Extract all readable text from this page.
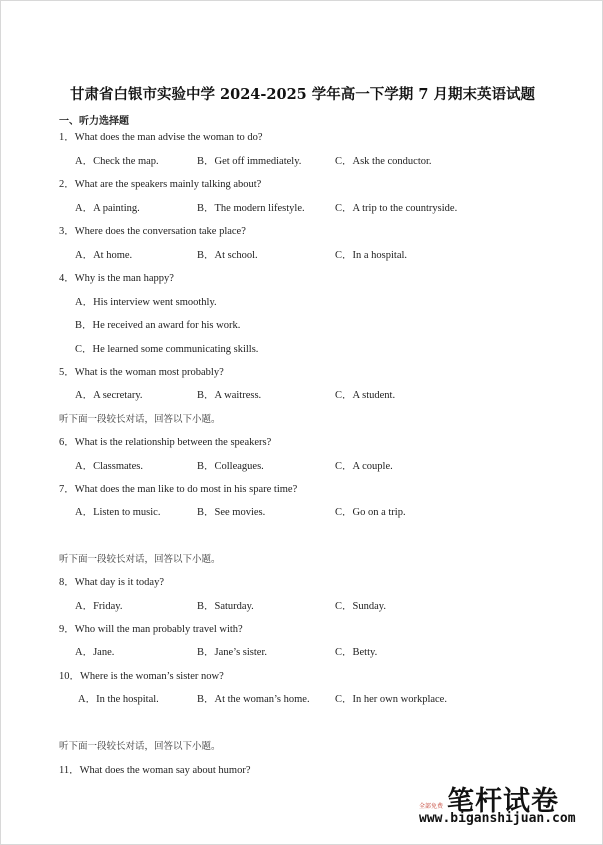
甘肃省白银市实验中学 2024-2025 学年高一下学期 7 月期末英语试题
一、听力选择题
1．What does the man advise the woman to do?
A．Check the map.	B．Get off immediately.	C．Ask the conductor.
2．What are the speakers mainly talking about?
A．A painting.	B．The modern lifestyle.	C．A trip to the countryside.
3．Where does the conversation take place?
A．At home.	B．At school.	C．In a hospital.
4．Why is the man happy?
A．His interview went smoothly.
B．He received an award for his work.
C．He learned some communicating skills.
5．What is the woman most probably?
A．A secretary.	B．A waitress.	C．A student.
听下面一段较长对话，回答以下小题。
6．What is the relationship between the speakers?
A．Classmates.	B．Colleagues.	C．A couple.
7．What does the man like to do most in his spare time?
A．Listen to music.	B．See movies.	C．Go on a trip.
听下面一段较长对话，回答以下小题。
8．What day is it today?
A．Friday.	B．Saturday.	C．Sunday.
9．Who will the man probably travel with?
A．Jane.	B．Jane’s sister.	C．Betty.
10．Where is the woman’s sister now?
A．In the hospital.	B．At the woman’s home. C．In her own workplace.
听下面一段较长对话，回答以下小题。
11．What does the woman say about humor?
笔杆试卷
全部免费
www.biganshijuan.com
